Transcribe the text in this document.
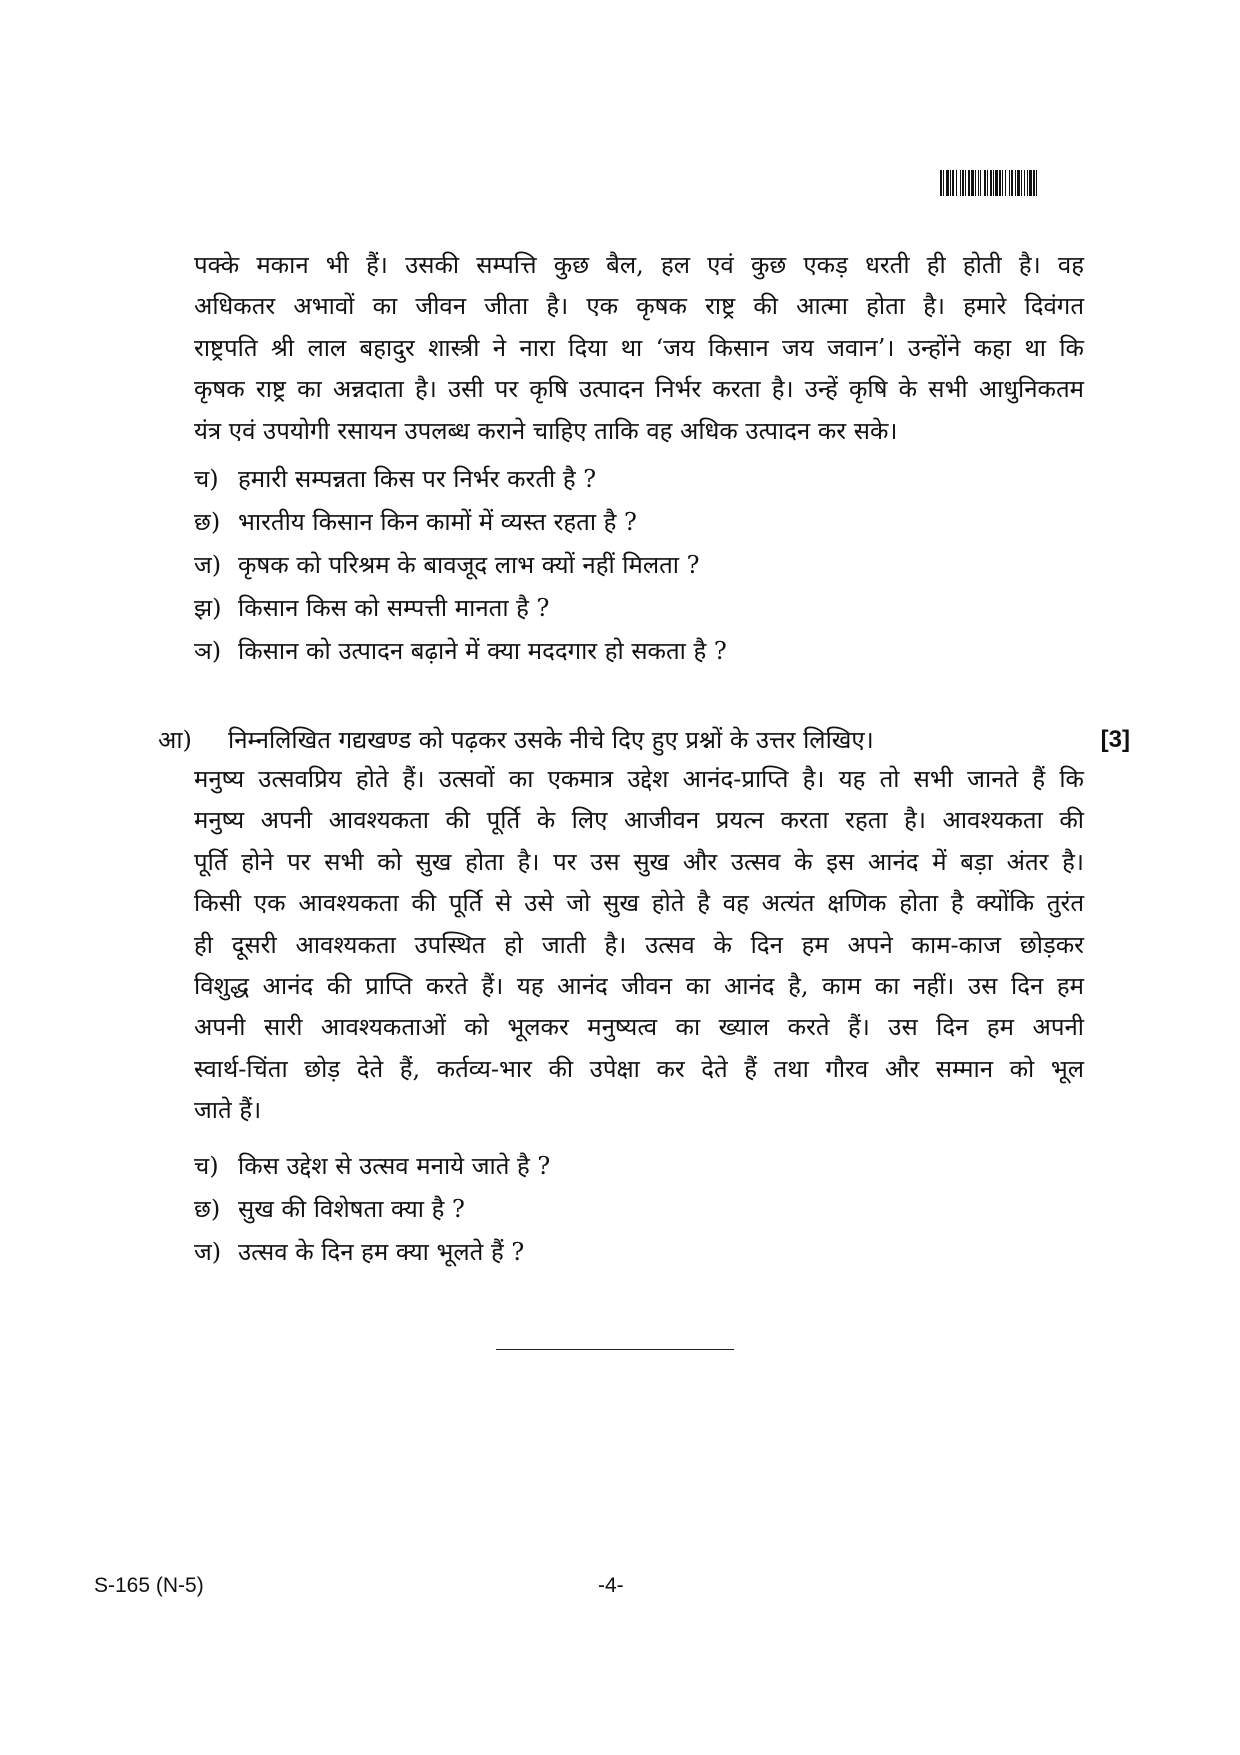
पक्के मकान भी हैं। उसकी सम्पत्ति कुछ बैल, हल एवं कुछ एकड़ धरती ही होती है। वह
अधिकतर अभावों का जीवन जीता है। एक कृषक राष्ट्र की आत्मा होता है। हमारे दिवंगत
राष्ट्रपति श्री लाल बहादुर शास्त्री ने नारा दिया था ‘जय किसान जय जवान’। उन्होंने कहा था कि
कृषक राष्ट्र का अन्नदाता है। उसी पर कृषि उत्पादन निर्भर करता है। उन्हें कृषि के सभी आधुनिकतम
यंत्र एवं उपयोगी रसायन उपलब्ध कराने चाहिए ताकि वह अधिक उत्पादन कर सके।
च) हमारी सम्पन्नता किस पर निर्भर करती है ?
छ) भारतीय किसान किन कामों में व्यस्त रहता है ?
ज) कृषक को परिश्रम के बावजूद लाभ क्यों नहीं मिलता ?
झ) किसान किस को सम्पत्ती मानता है ?
ञ) किसान को उत्पादन बढ़ाने में क्या मददगार हो सकता है ?
आ)	निम्नलिखित गद्यखण्ड को पढ़कर उसके नीचे दिए हुए प्रश्नों के उत्तर लिखिए।	[3]
मनुष्य उत्सवप्रिय होते हैं। उत्सवों का एकमात्र उद्देश आनंद-प्राप्ति है। यह तो सभी जानते हैं कि
मनुष्य अपनी आवश्यकता की पूर्ति के लिए आजीवन प्रयत्न करता रहता है। आवश्यकता की
पूर्ति होने पर सभी को सुख होता है। पर उस सुख और उत्सव के इस आनंद में बड़ा अंतर है।
किसी एक आवश्यकता की पूर्ति से उसे जो सुख होते है वह अत्यंत क्षणिक होता है क्योंकि तुरंत
ही दूसरी आवश्यकता उपस्थित हो जाती है। उत्सव के दिन हम अपने काम-काज छोड़कर
विशुद्ध आनंद की प्राप्ति करते हैं। यह आनंद जीवन का आनंद है, काम का नहीं। उस दिन हम
अपनी सारी आवश्यकताओं को भूलकर मनुष्यत्व का ख्याल करते हैं। उस दिन हम अपनी
स्वार्थ-चिंता छोड़ देते हैं, कर्तव्य-भार की उपेक्षा कर देते हैं तथा गौरव और सम्मान को भूल
जाते हैं।
च) किस उद्देश से उत्सव मनाये जाते है ?
छ) सुख की विशेषता क्या है ?
ज) उत्सव के दिन हम क्या भूलते हैं ?
S-165 (N-5)	-4-
